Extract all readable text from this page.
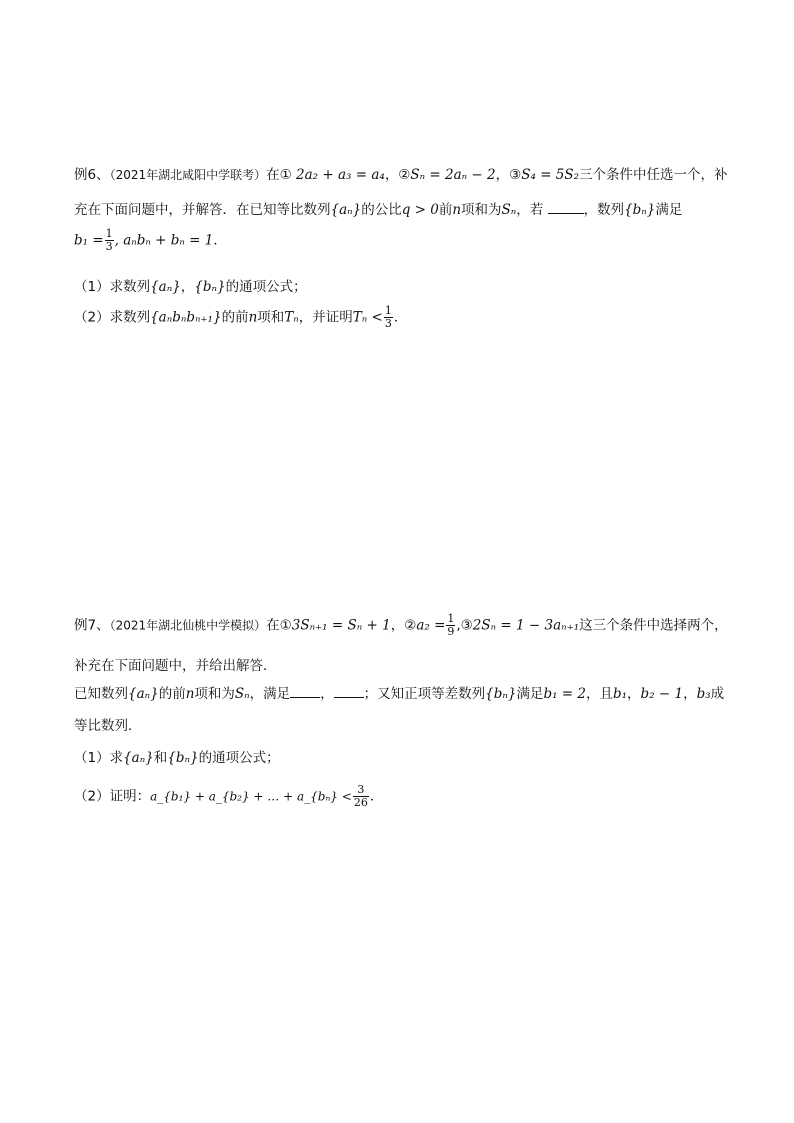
例6、（2021年湖北咸阳中学联考）在① 2a₂ + a₃ = a₄，②Sₙ = 2aₙ − 2，③S₄ = 5S₂三个条件中任选一个，补
充在下面问题中，并解答．在已知等比数列{aₙ}的公比q > 0前n项和为Sₙ，若	，数列{bₙ}满足
$b_1 = \frac{1}{3}$ , aₙbₙ + bₙ = 1．
（1）求数列{aₙ}，{bₙ}的通项公式；
（2）求数列{aₙbₙbₙ₊₁}的前n项和Tₙ，并证明$T_n < \frac{1}{3}$ ．
例7、（2021年湖北仙桃中学模拟）在①3Sₙ₊₁ = Sₙ + 1，②a₂ = $\frac{1}{9}$ ,③2Sₙ = 1 − 3aₙ₊₁这三个条件中选择两个，
补充在下面问题中，并给出解答．
已知数列{aₙ}的前n项和为Sₙ，满足 ， ；又知正项等差数列{bₙ}满足b₁ = 2，且b₁，b₂ − 1，b₃成
等比数列．
（1）求{aₙ}和{bₙ}的通项公式；
（2）证明：a_{b₁} + a_{b₂} + … + a_{bₙ} < $\frac{3}{26}$ ．
